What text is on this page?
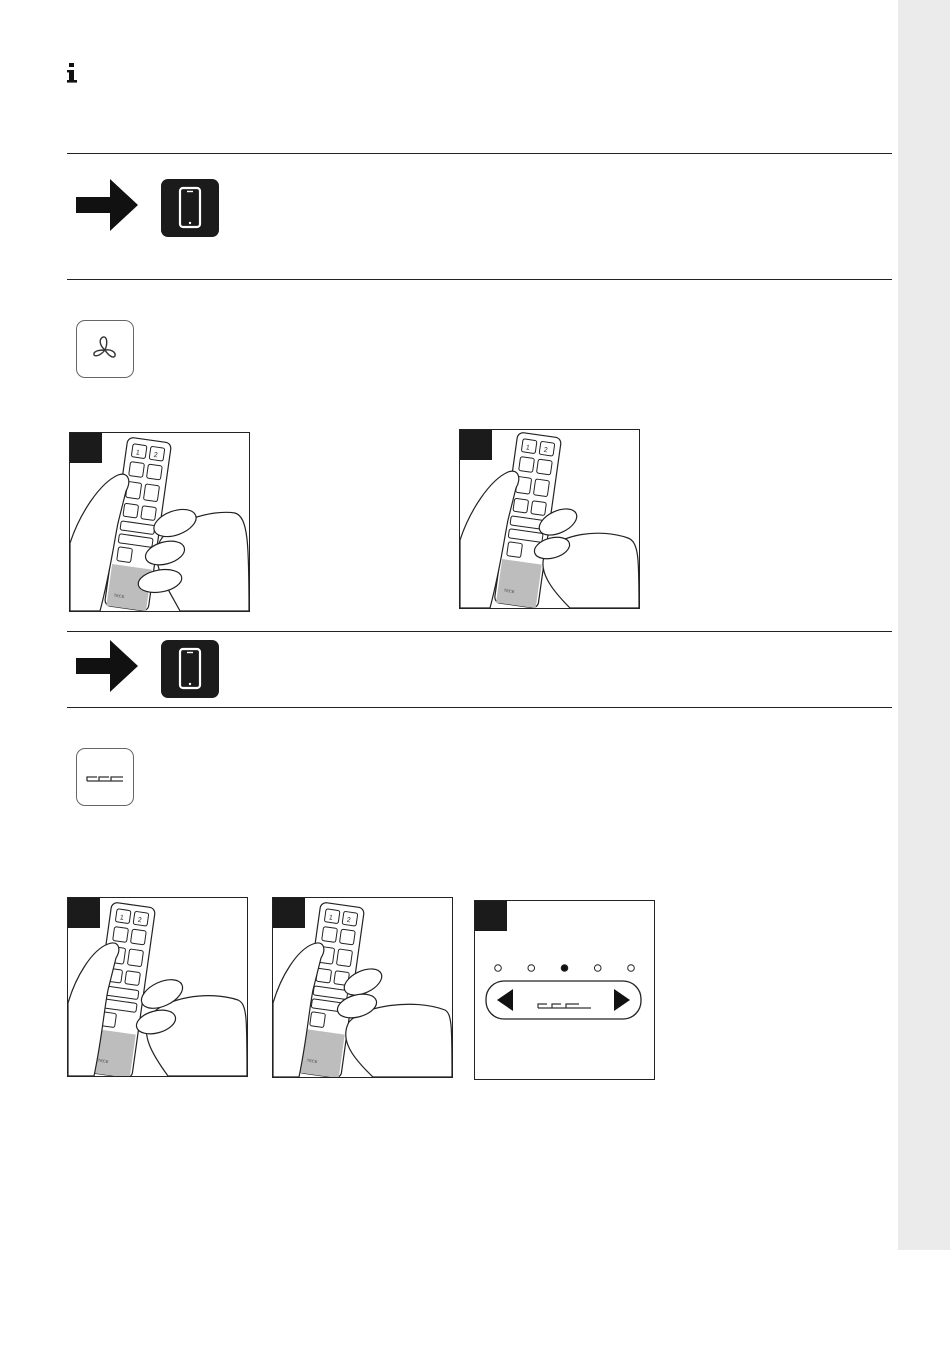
1 2
TECE
1 2
TECE
1 2
TECE
1 2
TECE
